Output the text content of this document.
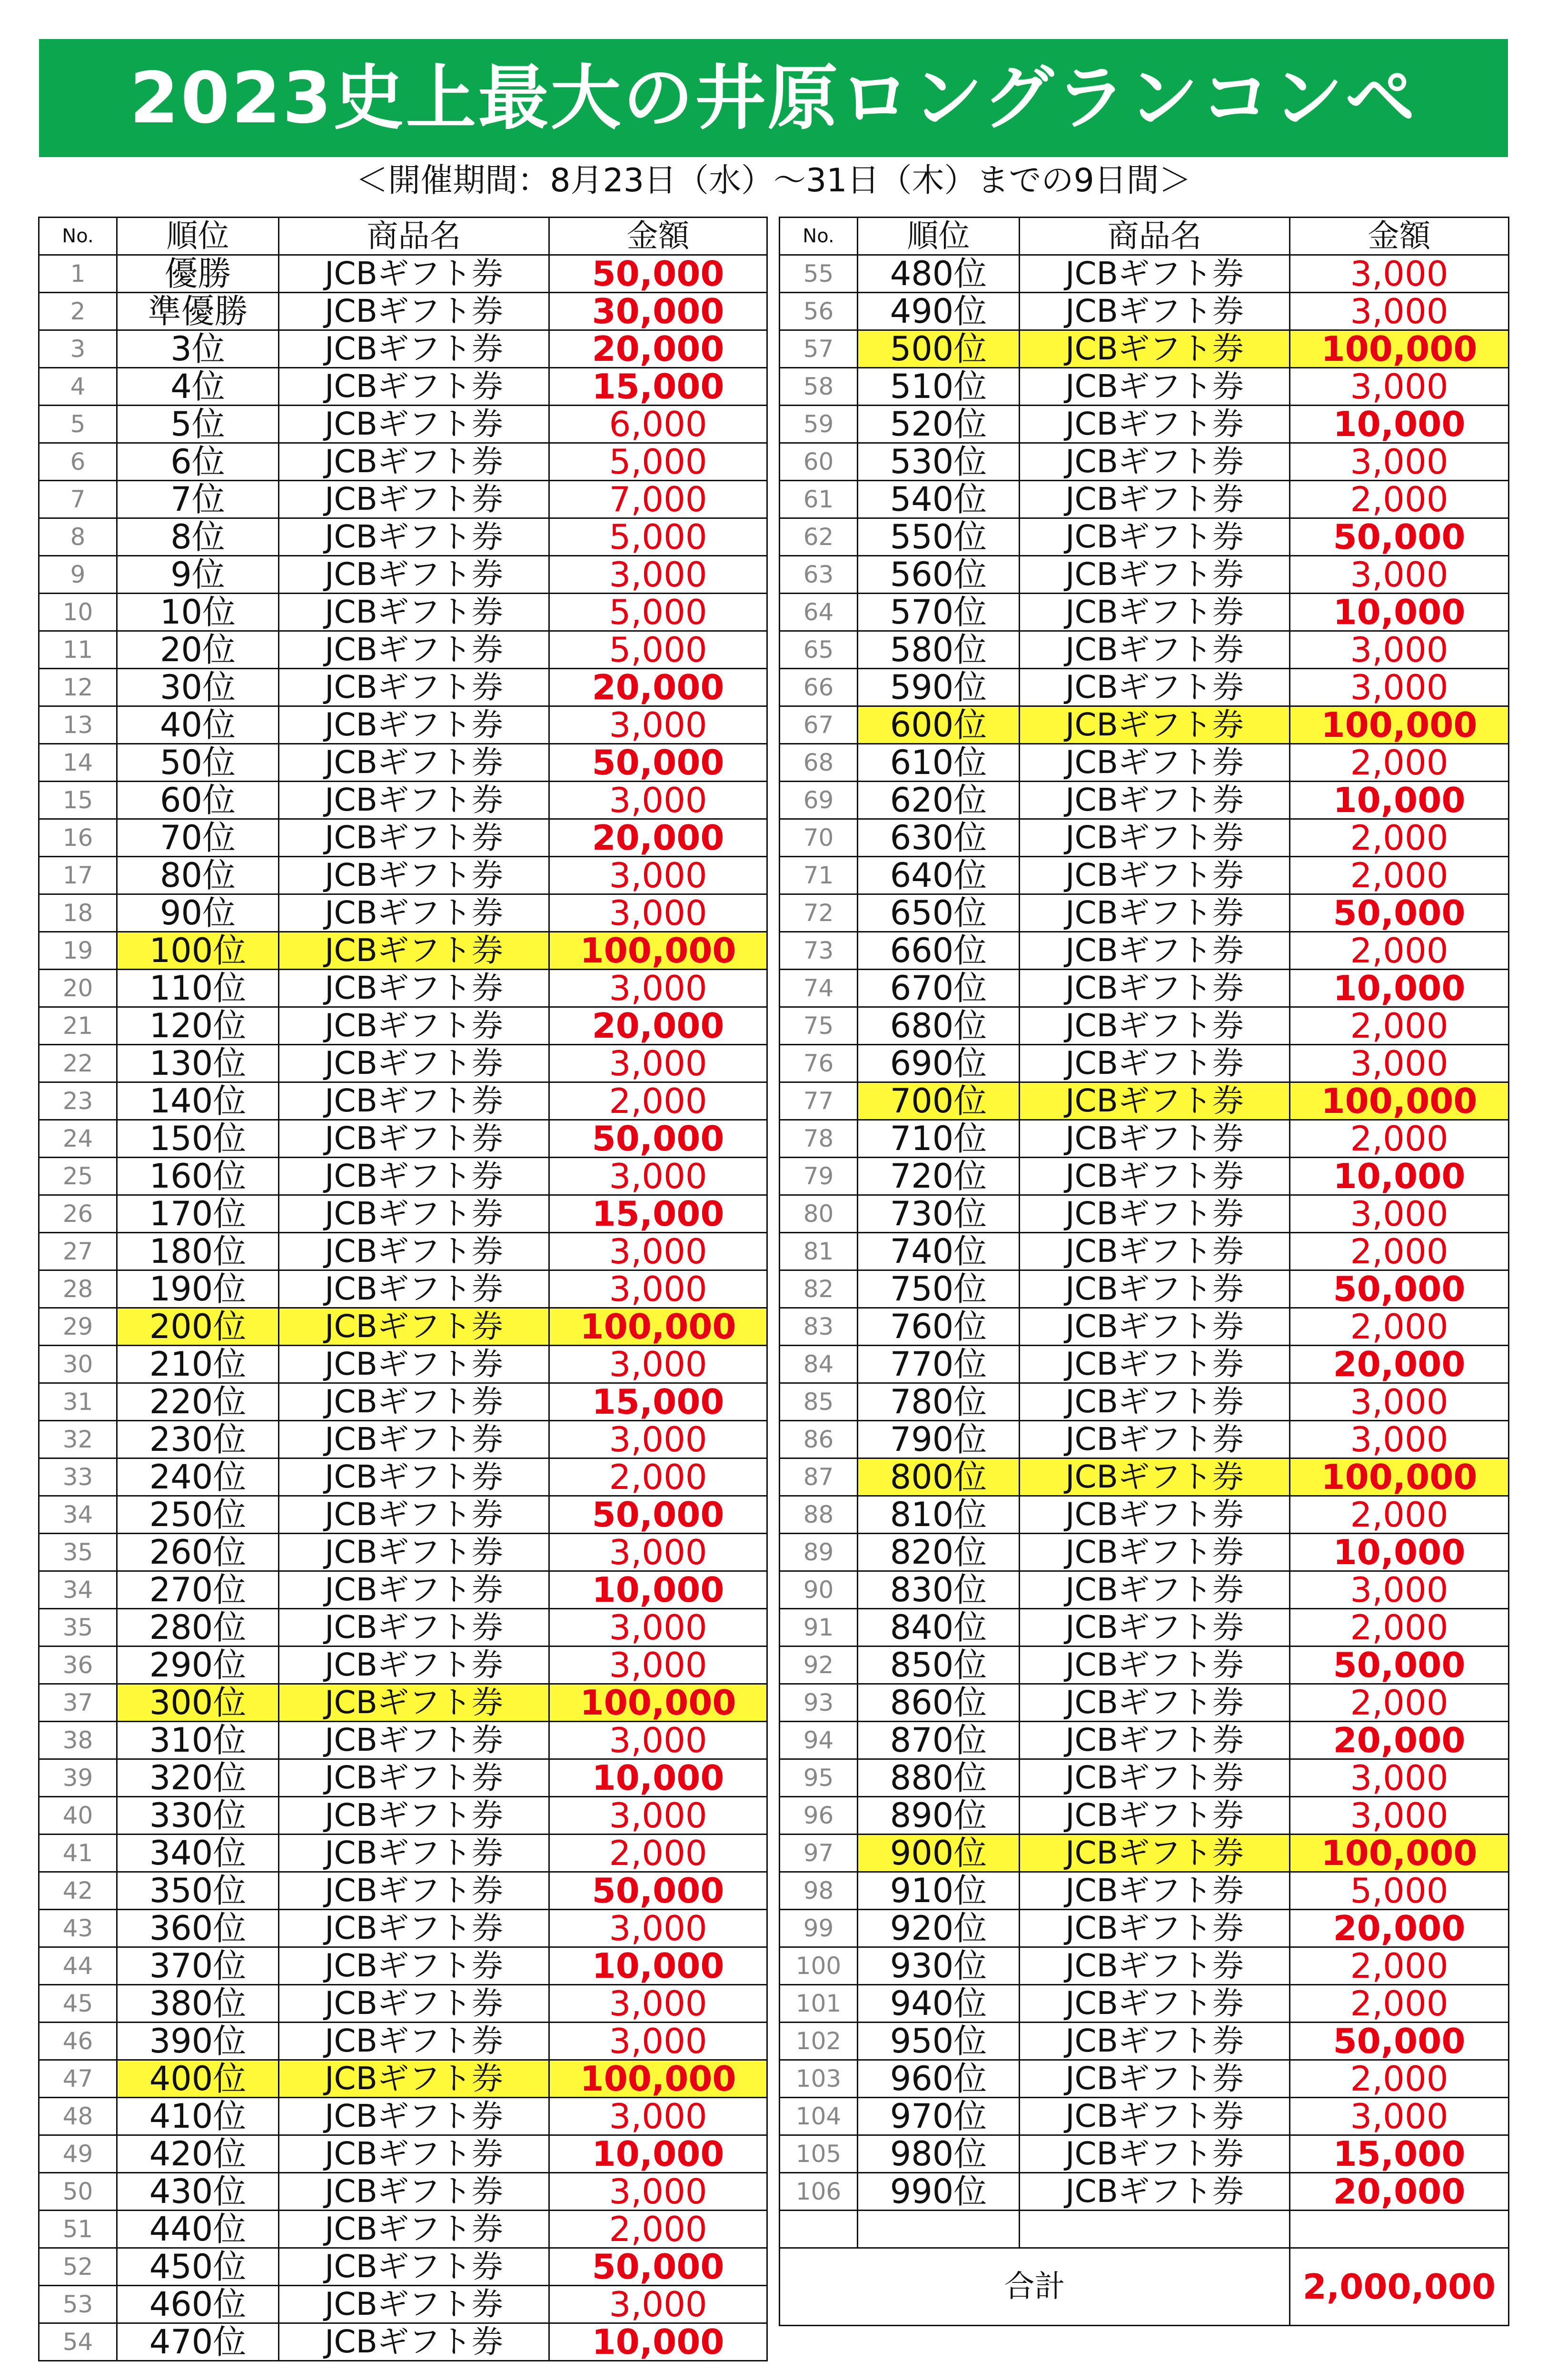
2023史上最大の井原ロングランコンペ
＜開催期間：8月23日（水）〜31日（木）までの9日間＞
No.	順位	商品名	金額
1	優勝	JCBギフト券	50,000
2	準優勝	JCBギフト券	30,000
3	3位	JCBギフト券	20,000
4	4位	JCBギフト券	15,000
5	5位	JCBギフト券	6,000
6	6位	JCBギフト券	5,000
7	7位	JCBギフト券	7,000
8	8位	JCBギフト券	5,000
9	9位	JCBギフト券	3,000
10	10位	JCBギフト券	5,000
11	20位	JCBギフト券	5,000
12	30位	JCBギフト券	20,000
13	40位	JCBギフト券	3,000
14	50位	JCBギフト券	50,000
15	60位	JCBギフト券	3,000
16	70位	JCBギフト券	20,000
17	80位	JCBギフト券	3,000
18	90位	JCBギフト券	3,000
19	100位	JCBギフト券	100,000
20	110位	JCBギフト券	3,000
21	120位	JCBギフト券	20,000
22	130位	JCBギフト券	3,000
23	140位	JCBギフト券	2,000
24	150位	JCBギフト券	50,000
25	160位	JCBギフト券	3,000
26	170位	JCBギフト券	15,000
27	180位	JCBギフト券	3,000
28	190位	JCBギフト券	3,000
29	200位	JCBギフト券	100,000
30	210位	JCBギフト券	3,000
31	220位	JCBギフト券	15,000
32	230位	JCBギフト券	3,000
33	240位	JCBギフト券	2,000
34	250位	JCBギフト券	50,000
35	260位	JCBギフト券	3,000
34	270位	JCBギフト券	10,000
35	280位	JCBギフト券	3,000
36	290位	JCBギフト券	3,000
37	300位	JCBギフト券	100,000
38	310位	JCBギフト券	3,000
39	320位	JCBギフト券	10,000
40	330位	JCBギフト券	3,000
41	340位	JCBギフト券	2,000
42	350位	JCBギフト券	50,000
43	360位	JCBギフト券	3,000
44	370位	JCBギフト券	10,000
45	380位	JCBギフト券	3,000
46	390位	JCBギフト券	3,000
47	400位	JCBギフト券	100,000
48	410位	JCBギフト券	3,000
49	420位	JCBギフト券	10,000
50	430位	JCBギフト券	3,000
51	440位	JCBギフト券	2,000
52	450位	JCBギフト券	50,000
53	460位	JCBギフト券	3,000
54	470位	JCBギフト券	10,000
No.	順位	商品名	金額
55	480位	JCBギフト券	3,000
56	490位	JCBギフト券	3,000
57	500位	JCBギフト券	100,000
58	510位	JCBギフト券	3,000
59	520位	JCBギフト券	10,000
60	530位	JCBギフト券	3,000
61	540位	JCBギフト券	2,000
62	550位	JCBギフト券	50,000
63	560位	JCBギフト券	3,000
64	570位	JCBギフト券	10,000
65	580位	JCBギフト券	3,000
66	590位	JCBギフト券	3,000
67	600位	JCBギフト券	100,000
68	610位	JCBギフト券	2,000
69	620位	JCBギフト券	10,000
70	630位	JCBギフト券	2,000
71	640位	JCBギフト券	2,000
72	650位	JCBギフト券	50,000
73	660位	JCBギフト券	2,000
74	670位	JCBギフト券	10,000
75	680位	JCBギフト券	2,000
76	690位	JCBギフト券	3,000
77	700位	JCBギフト券	100,000
78	710位	JCBギフト券	2,000
79	720位	JCBギフト券	10,000
80	730位	JCBギフト券	3,000
81	740位	JCBギフト券	2,000
82	750位	JCBギフト券	50,000
83	760位	JCBギフト券	2,000
84	770位	JCBギフト券	20,000
85	780位	JCBギフト券	3,000
86	790位	JCBギフト券	3,000
87	800位	JCBギフト券	100,000
88	810位	JCBギフト券	2,000
89	820位	JCBギフト券	10,000
90	830位	JCBギフト券	3,000
91	840位	JCBギフト券	2,000
92	850位	JCBギフト券	50,000
93	860位	JCBギフト券	2,000
94	870位	JCBギフト券	20,000
95	880位	JCBギフト券	3,000
96	890位	JCBギフト券	3,000
97	900位	JCBギフト券	100,000
98	910位	JCBギフト券	5,000
99	920位	JCBギフト券	20,000
100	930位	JCBギフト券	2,000
101	940位	JCBギフト券	2,000
102	950位	JCBギフト券	50,000
103	960位	JCBギフト券	2,000
104	970位	JCBギフト券	3,000
105	980位	JCBギフト券	15,000
106	990位	JCBギフト券	20,000

合計			2,000,000
